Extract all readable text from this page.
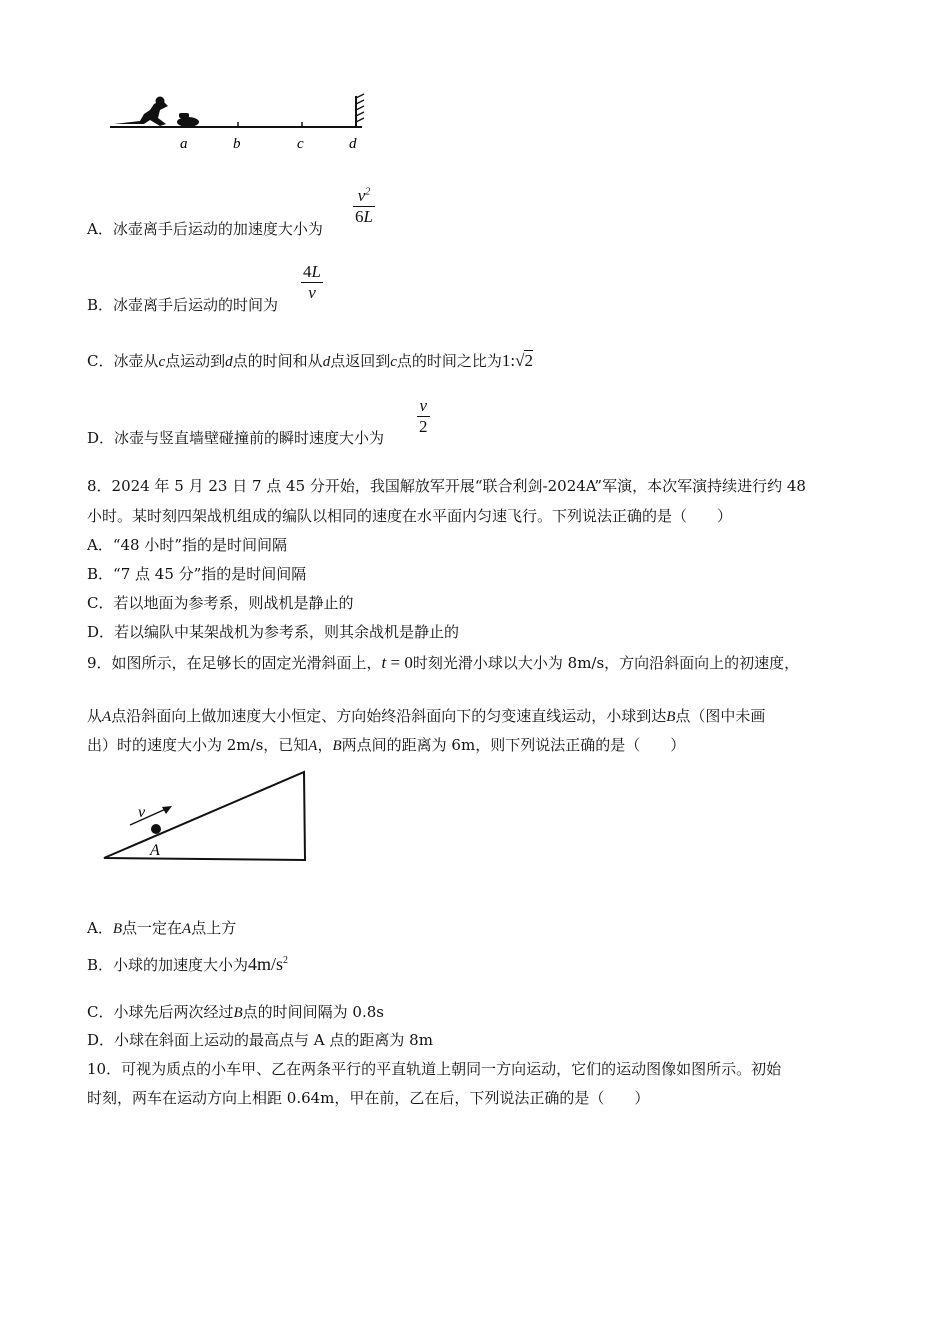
a	b	c	d
A．冰壶离手后运动的加速度大小为
$v^2$
6L
B．冰壶离手后运动的时间为
4L
v
C．冰壶从c点运动到d点的时间和从d点返回到c点的时间之比为1:√2
D．冰壶与竖直墙壁碰撞前的瞬时速度大小为
v
2
8．2024 年 5 月 23 日 7 点 45 分开始，我国解放军开展“联合利剑-2024A”军演，本次军演持续进行约 48
小时。某时刻四架战机组成的编队以相同的速度在水平面内匀速飞行。下列说法正确的是（　　）
A．“48 小时”指的是时间间隔
B．“7 点 45 分”指的是时间间隔
C．若以地面为参考系，则战机是静止的
D．若以编队中某架战机为参考系，则其余战机是静止的
9．如图所示，在足够长的固定光滑斜面上，t = 0时刻光滑小球以大小为 8m/s，方向沿斜面向上的初速度，
从A点沿斜面向上做加速度大小恒定、方向始终沿斜面向下的匀变速直线运动，小球到达B点（图中未画
出）时的速度大小为 2m/s，已知A，B两点间的距离为 6m，则下列说法正确的是（　　）
v
A
A．B点一定在A点上方
B．小球的加速度大小为$4m/s^2$
C．小球先后两次经过B点的时间间隔为 0.8s
D．小球在斜面上运动的最高点与 A 点的距离为 8m
10．可视为质点的小车甲、乙在两条平行的平直轨道上朝同一方向运动，它们的运动图像如图所示。初始
时刻，两车在运动方向上相距 0.64m，甲在前，乙在后，下列说法正确的是（　　）
